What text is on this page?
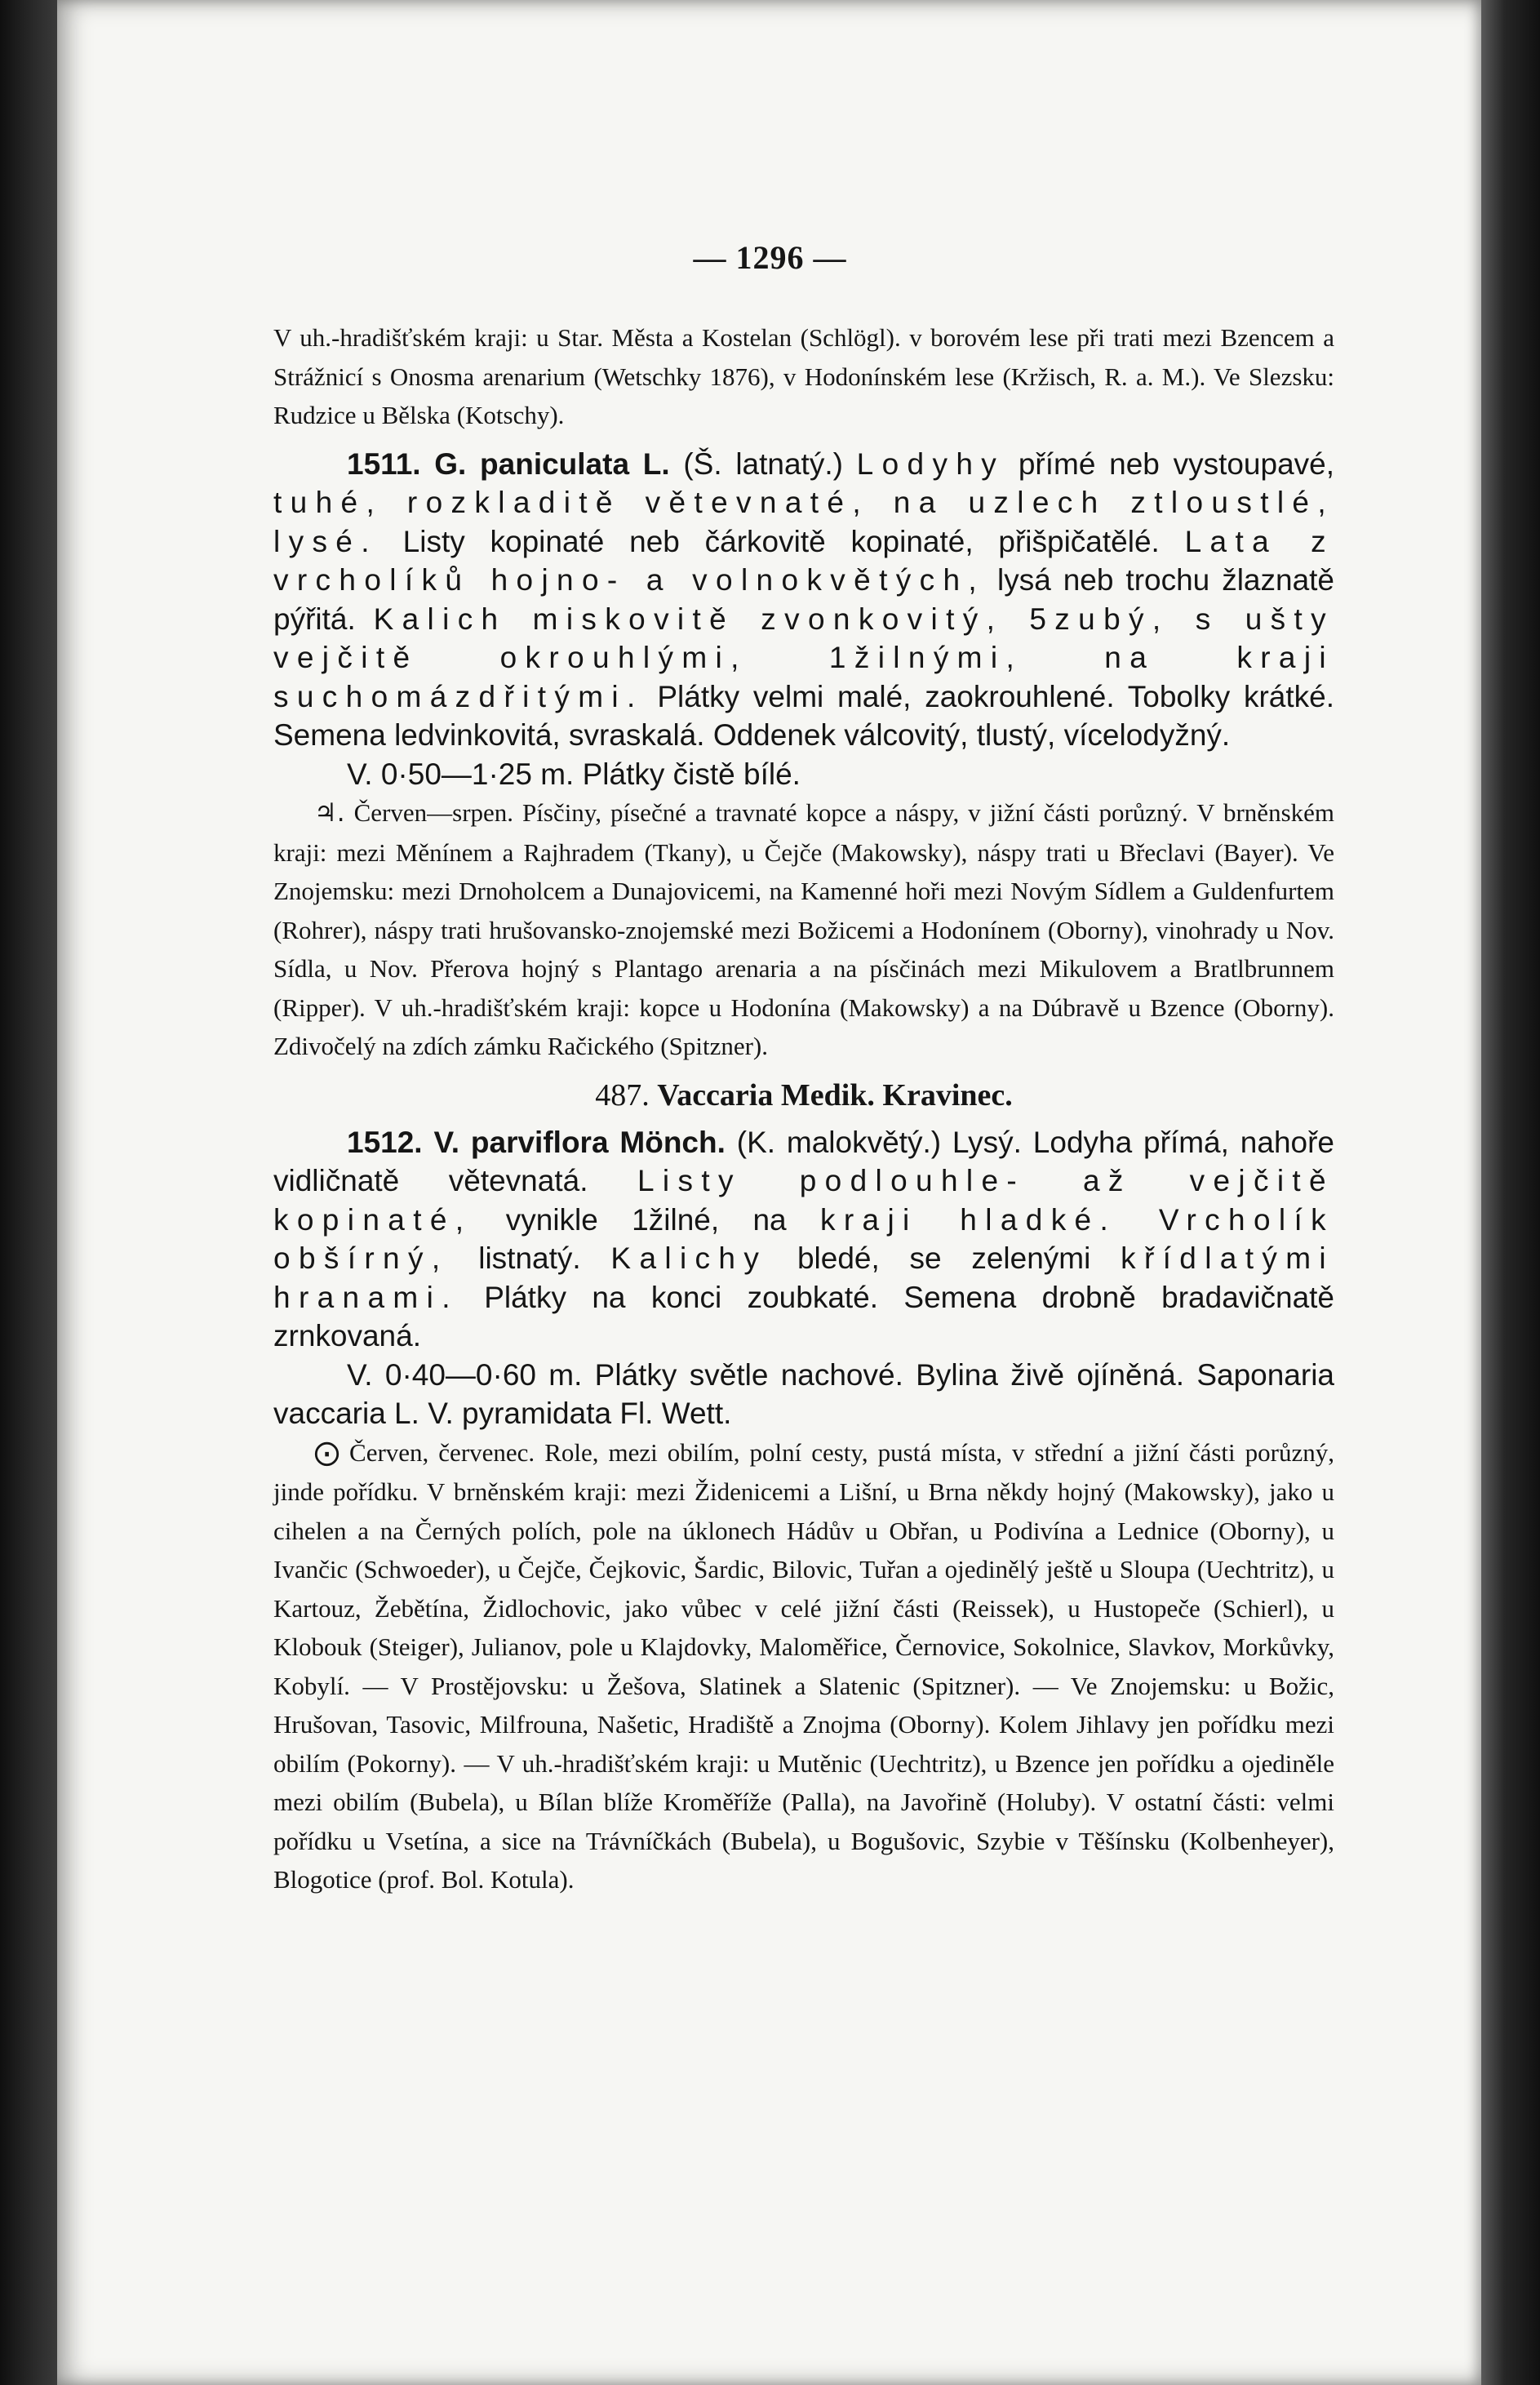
— 1296 —

V uh.-hradišťském kraji: u Star. Města a Kostelan (Schlögl). v borovém lese při trati mezi Bzencem a Strážnicí s Onosma arenarium (Wetschky 1876), v Hodonínském lese (Kržisch, R. a. M.). Ve Slezsku: Rudzice u Bělska (Kotschy).

1511. G. paniculata L. (Š. latnatý.) Lodyhy přímé neb vystoupavé, tuhé, rozkladitě větevnaté, na uzlech ztloustlé, lysé. Listy kopinaté neb čárkovitě kopinaté, přišpičatělé. Lata z vrcholíků hojno- a volnokvětých, lysá neb trochu žlaznatě pýřitá. Kalich miskovitě zvonkovitý, 5zubý, s ušty vejčitě okrouhlými, 1žilnými, na kraji suchomázdřitými. Plátky velmi malé, zaokrouhlené. Tobolky krátké. Semena ledvinkovitá, svraskalá. Oddenek válcovitý, tlustý, vícelodyžný.

V. 0·50—1·25 m. Plátky čistě bílé.

♃. Červen—srpen. Písčiny, písečné a travnaté kopce a náspy, v jižní části porůzný. V brněnském kraji: mezi Měnínem a Rajhradem (Tkany), u Čejče (Makowsky), náspy trati u Břeclavi (Bayer). Ve Znojemsku: mezi Drnoholcem a Dunajovicemi, na Kamenné hoři mezi Novým Sídlem a Guldenfurtem (Rohrer), náspy trati hrušovansko-znojemské mezi Božicemi a Hodonínem (Oborny), vinohrady u Nov. Sídla, u Nov. Přerova hojný s Plantago arenaria a na písčinách mezi Mikulovem a Bratlbrunnem (Ripper). V uh.-hradišťském kraji: kopce u Hodonína (Makowsky) a na Dúbravě u Bzence (Oborny). Zdivočelý na zdích zámku Račického (Spitzner).

487. Vaccaria Medik. Kravinec.

1512. V. parviflora Mönch. (K. malokvětý.) Lysý. Lodyha přímá, nahoře vidličnatě větevnatá. Listy podlouhle- až vejčitě kopinaté, vynikle 1žilné, na kraji hladké. Vrcholík obšírný, listnatý. Kalichy bledé, se zelenými křídlatými hranami. Plátky na konci zoubkaté. Semena drobně bradavičnatě zrnkovaná.

V. 0·40—0·60 m. Plátky světle nachové. Bylina živě ojíněná. Saponaria vaccaria L. V. pyramidata Fl. Wett.

⨀ Červen, červenec. Role, mezi obilím, polní cesty, pustá místa, v střední a jižní části porůzný, jinde pořídku. V brněnském kraji: mezi Židenicemi a Lišní, u Brna někdy hojný (Makowsky), jako u cihelen a na Černých polích, pole na úklonech Hádův u Obřan, u Podivína a Lednice (Oborny), u Ivančic (Schwoeder), u Čejče, Čejkovic, Šardic, Bilovic, Tuřan a ojedinělý ještě u Sloupa (Uechtritz), u Kartouz, Žebětína, Židlochovic, jako vůbec v celé jižní části (Reissek), u Hustopeče (Schierl), u Klobouk (Steiger), Julianov, pole u Klajdovky, Maloměřice, Černovice, Sokolnice, Slavkov, Morkůvky, Kobylí. — V Prostějovsku: u Žešova, Slatinek a Slatenic (Spitzner). — Ve Znojemsku: u Božic, Hrušovan, Tasovic, Milfrouna, Našetic, Hradiště a Znojma (Oborny). Kolem Jihlavy jen pořídku mezi obilím (Pokorny). — V uh.-hradišťském kraji: u Mutěnic (Uechtritz), u Bzence jen pořídku a ojediněle mezi obilím (Bubela), u Bílan blíže Kroměříže (Palla), na Javořině (Holuby). V ostatní části: velmi pořídku u Vsetína, a sice na Trávníčkách (Bubela), u Bogušovic, Szybie v Těšínsku (Kolbenheyer), Blogotice (prof. Bol. Kotula).
